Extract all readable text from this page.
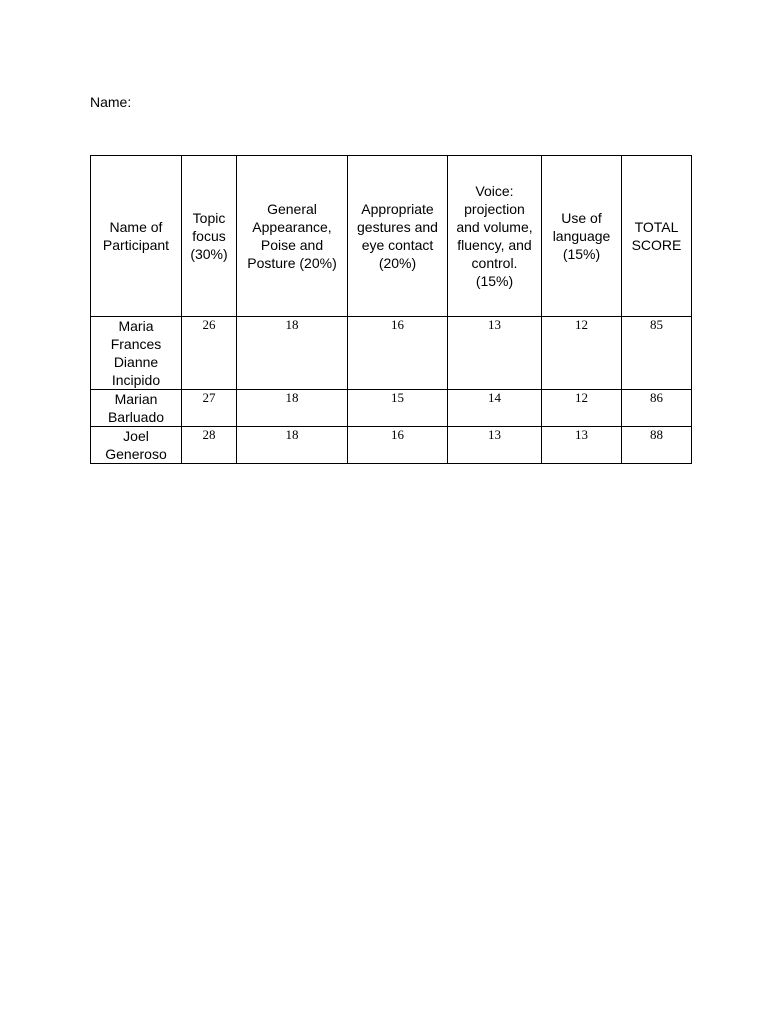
Name:
Name of Participant	Topic focus (30%)	General Appearance, Poise and Posture (20%)	Appropriate gestures and eye contact (20%)	Voice: projection and volume, fluency, and control. (15%)	Use of language (15%)	TOTAL SCORE
Maria Frances Dianne Incipido	26	18	16	13	12	85
Marian Barluado	27	18	15	14	12	86
Joel Generoso	28	18	16	13	13	88
